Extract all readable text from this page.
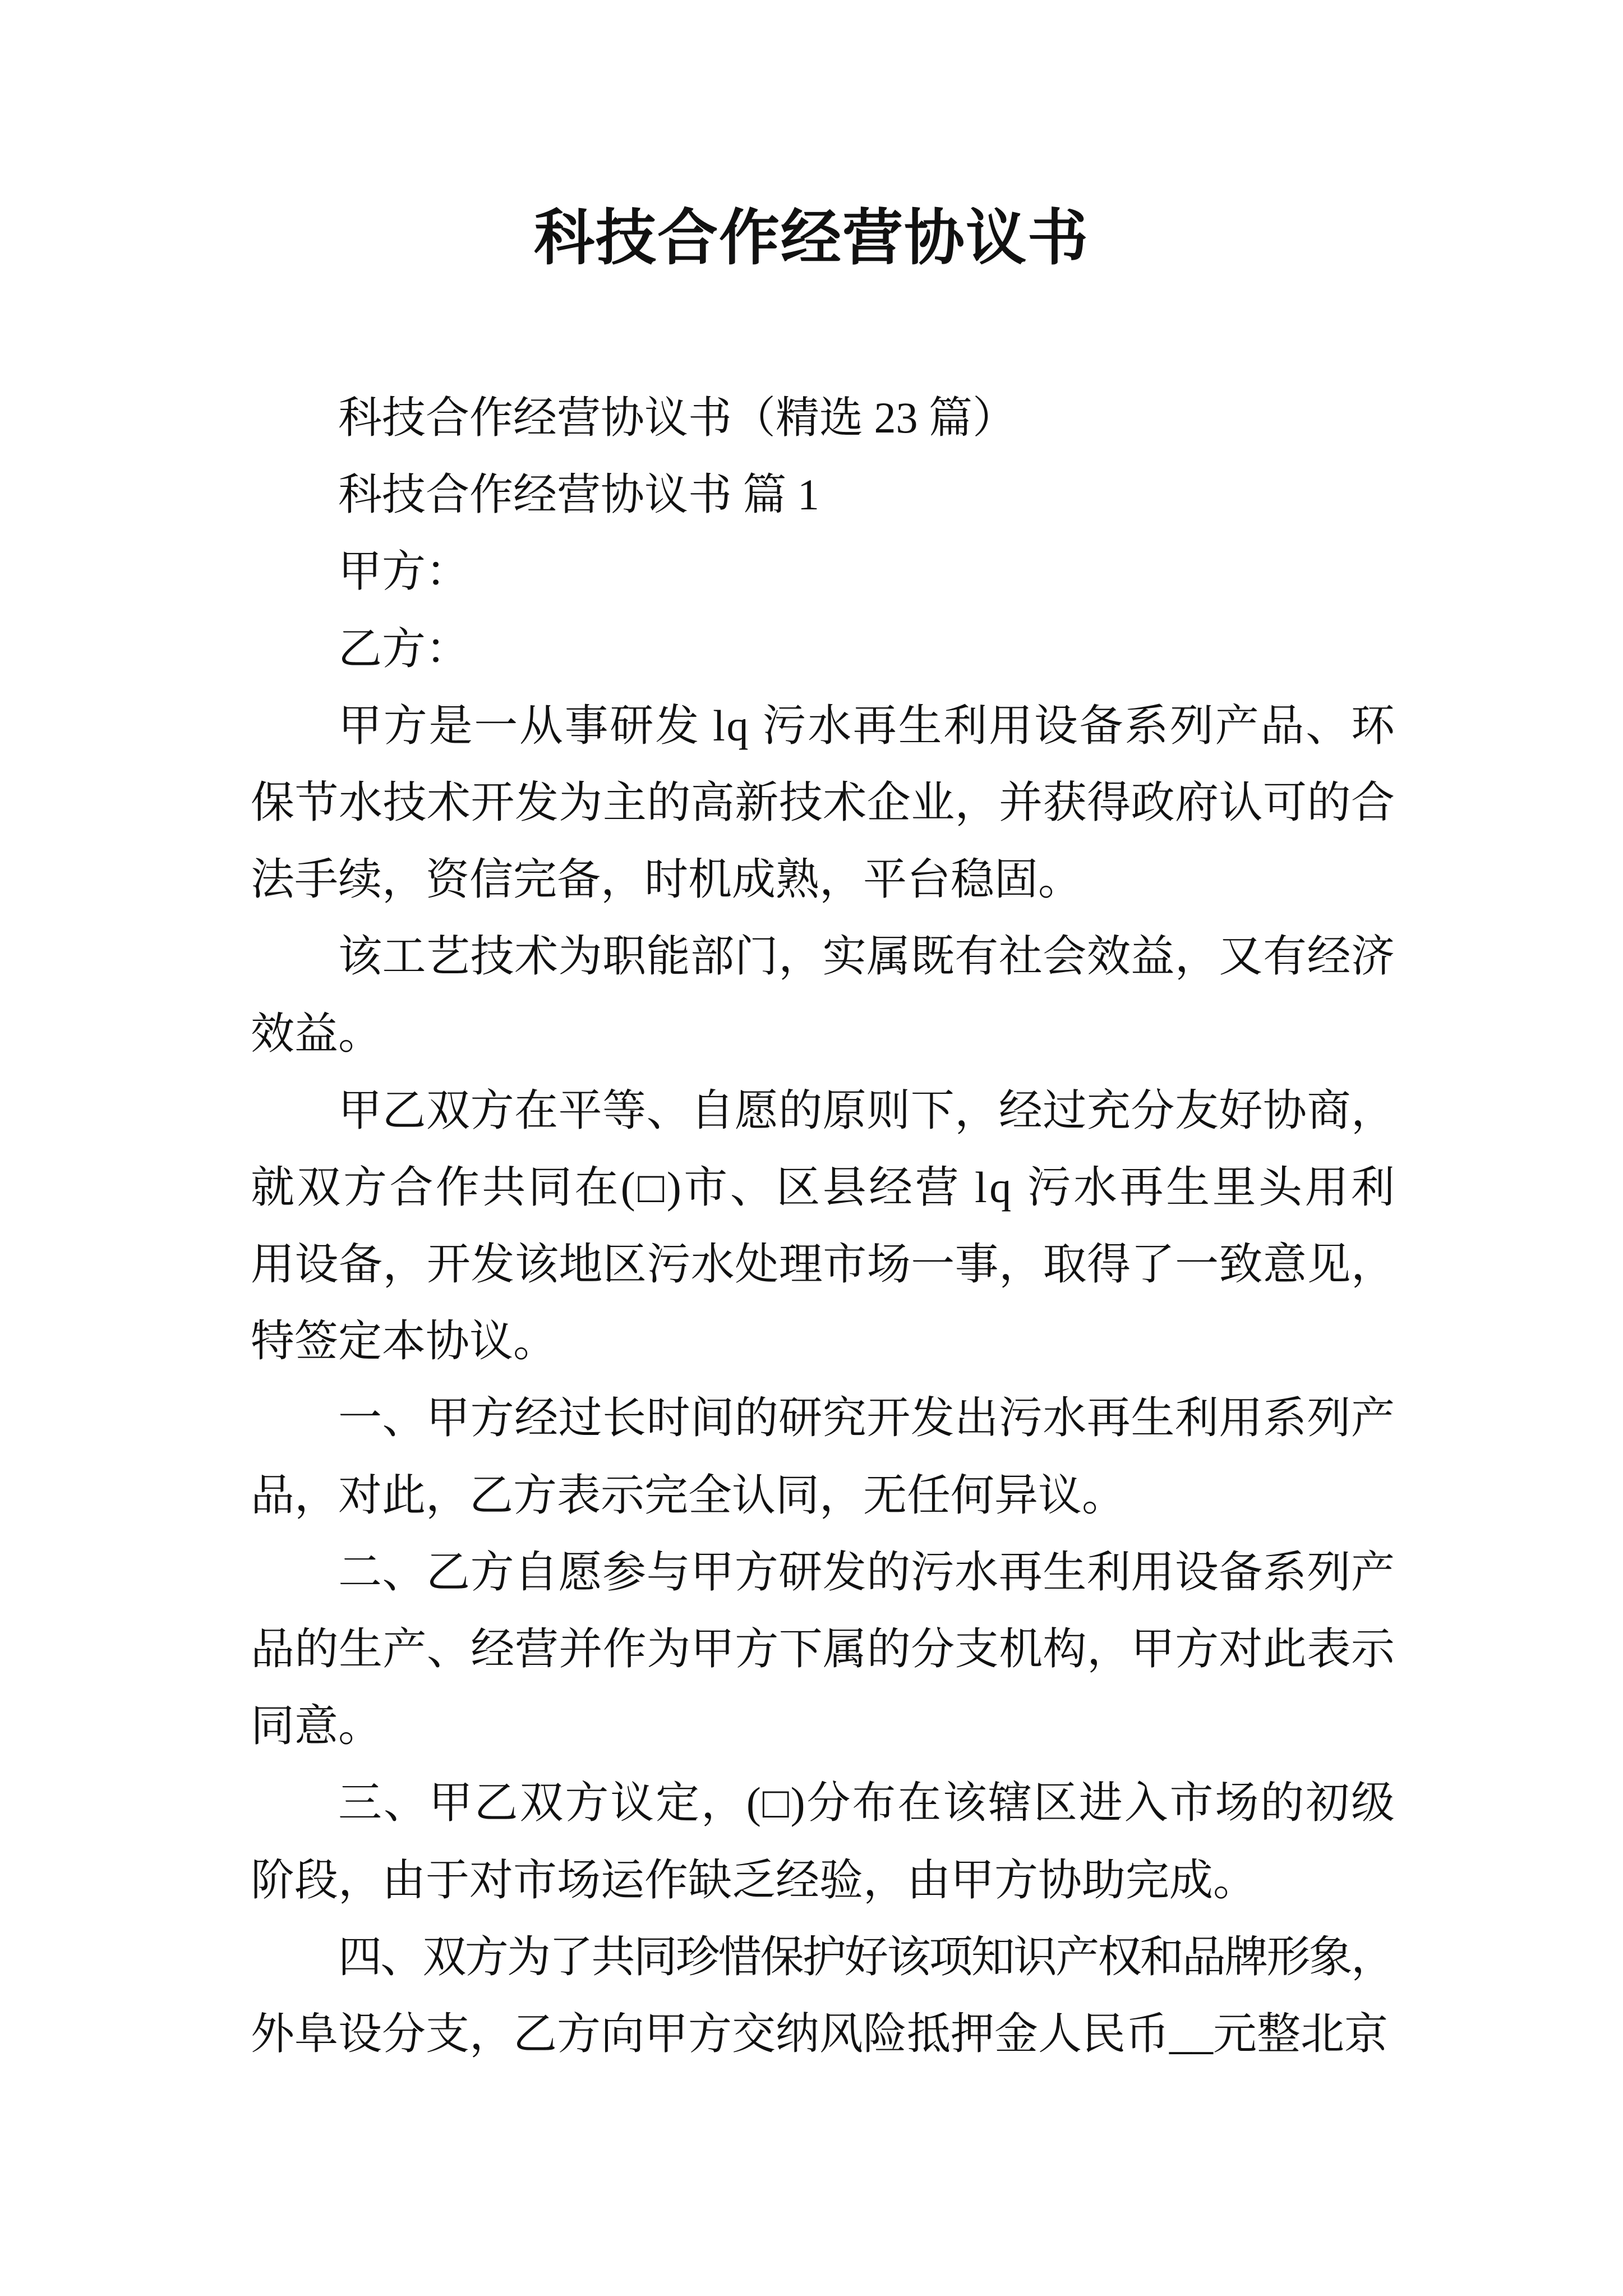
科技合作经营协议书
科技合作经营协议书（精选 23 篇）
科技合作经营协议书 篇 1
甲方：
乙方：
甲方是一从事研发 lq 污水再生利用设备系列产品、环
保节水技术开发为主的高新技术企业，并获得政府认可的合
法手续，资信完备，时机成熟，平台稳固。
该工艺技术为职能部门，实属既有社会效益，又有经济
效益。
甲乙双方在平等、自愿的原则下，经过充分友好协商，
就双方合作共同在(□)市、区县经营 lq 污水再生里头用利
用设备，开发该地区污水处理市场一事，取得了一致意见，
特签定本协议。
一、甲方经过长时间的研究开发出污水再生利用系列产
品，对此，乙方表示完全认同，无任何异议。
二、乙方自愿参与甲方研发的污水再生利用设备系列产
品的生产、经营并作为甲方下属的分支机构，甲方对此表示
同意。
三、甲乙双方议定，(□)分布在该辖区进入市场的初级
阶段，由于对市场运作缺乏经验，由甲方协助完成。
四、双方为了共同珍惜保护好该项知识产权和品牌形象，
外阜设分支，乙方向甲方交纳风险抵押金人民币__元整北京
